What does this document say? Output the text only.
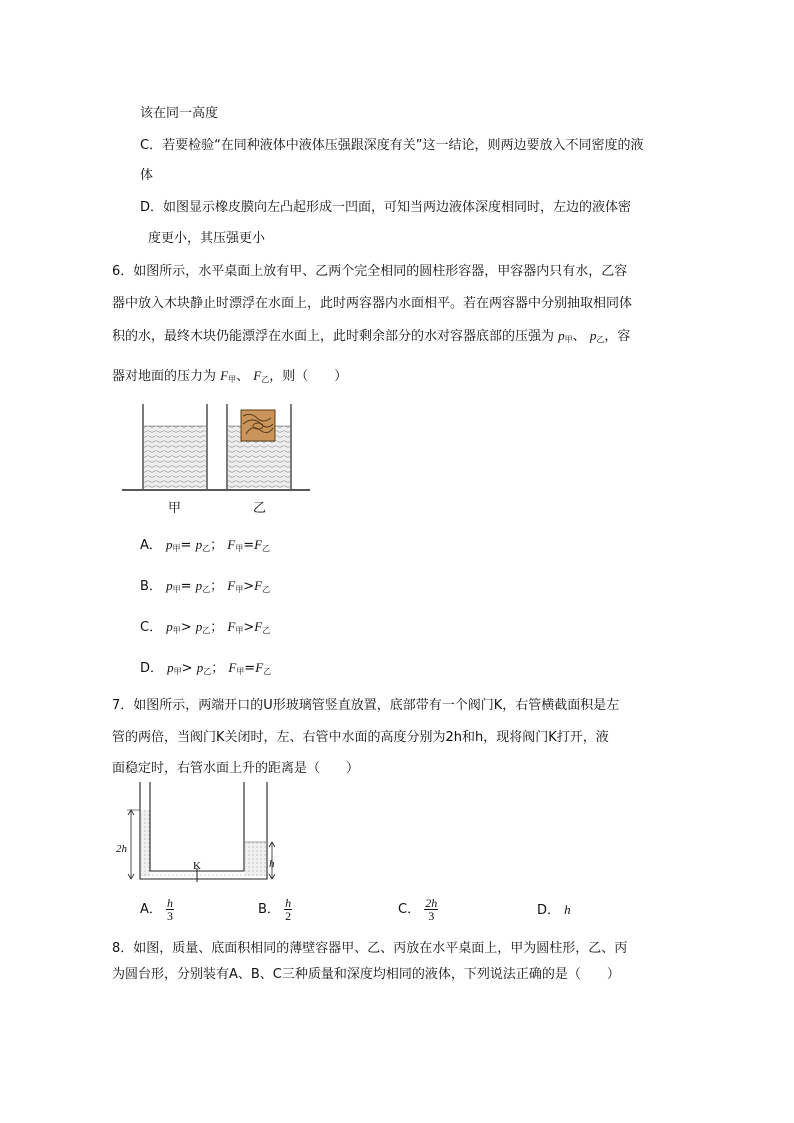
该在同一高度
C．若要检验“在同种液体中液体压强跟深度有关”这一结论，则两边要放入不同密度的液
体
D．如图显示橡皮膜向左凸起形成一凹面，可知当两边液体深度相同时，左边的液体密
度更小，其压强更小
6．如图所示，水平桌面上放有甲、乙两个完全相同的圆柱形容器，甲容器内只有水，乙容
器中放入木块静止时漂浮在水面上，此时两容器内水面相平。若在两容器中分别抽取相同体
积的水，最终木块仍能漂浮在水面上，此时剩余部分的水对容器底部的压强为 $p_甲$、 $p_乙$，容
器对地面的压力为 $F_甲$、 $F_乙$，则（　　）
甲	乙
A． $p_甲= p_乙$； $F_甲=F_乙$
B． $p_甲= p_乙$； $F_甲>F_乙$
C． $p_甲> p_乙$； $F_甲>F_乙$
D． $p_甲> p_乙$； $F_甲=F_乙$
7．如图所示，两端开口的U形玻璃管竖直放置，底部带有一个阀门K，右管横截面积是左
管的两倍，当阀门K关闭时，左、右管中水面的高度分别为2h和h，现将阀门K打开，液
面稳定时，右管水面上升的距离是（　　）
2h
h
K
A． $\frac{h}{3}$	B． $\frac{h}{2}$	C． $\frac{2h}{3}$	D． h
8．如图，质量、底面积相同的薄壁容器甲、乙、丙放在水平桌面上，甲为圆柱形，乙、丙
为圆台形，分别装有A、B、C三种质量和深度均相同的液体，下列说法正确的是（　　）
